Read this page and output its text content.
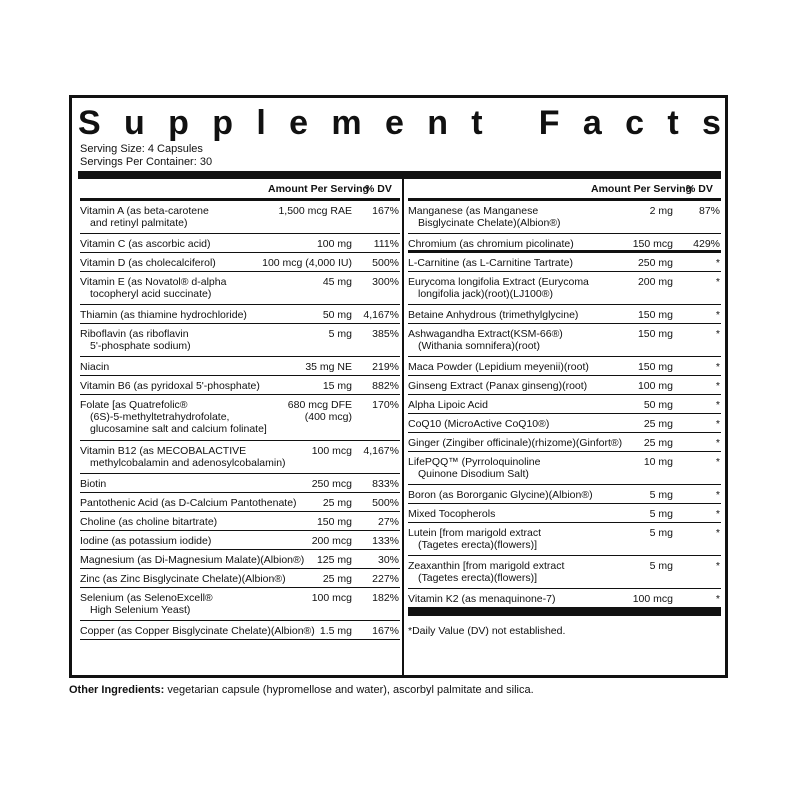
S u p p l e m e n t
F a c t s
Serving Size: 4 Capsules
Servings Per Container: 30
Amount Per Serving
% DV
Vitamin A (as beta-carotene
and retinyl palmitate)
1,500 mcg RAE	167%
Vitamin C (as ascorbic acid)	100 mg	111%
Vitamin D (as cholecalciferol)	100 mcg (4,000 IU)	500%
Vitamin E (as Novatol® d-alpha
tocopheryl acid succinate)
45 mg	300%
Thiamin (as thiamine hydrochloride)	50 mg	4,167%
Riboflavin (as riboflavin
5'-phosphate sodium)
5 mg	385%
Niacin	35 mg NE	219%
Vitamin B6 (as pyridoxal 5'-phosphate)	15 mg	882%
Folate [as Quatrefolic®
(6S)-5-methyltetrahydrofolate,
glucosamine salt and calcium folinate]
680 mcg DFE
(400 mcg)
170%
Vitamin B12 (as MECOBALACTIVE
methylcobalamin and adenosylcobalamin)
100 mcg	4,167%
Biotin	250 mcg	833%
Pantothenic Acid (as D-Calcium Pantothenate)	25 mg	500%
Choline (as choline bitartrate)	150 mg	27%
Iodine (as potassium iodide)	200 mcg	133%
Magnesium (as Di-Magnesium Malate)(Albion®)	125 mg	30%
Zinc (as Zinc Bisglycinate Chelate)(Albion®)	25 mg	227%
Selenium (as SelenoExcell®
High Selenium Yeast)
100 mcg	182%
Copper (as Copper Bisglycinate Chelate)(Albion®) 1.5 mg	167%
Amount Per Serving
% DV
Manganese (as Manganese
Bisglycinate Chelate)(Albion®)
2 mg	87%
Chromium (as chromium picolinate)	150 mcg	429%
L-Carnitine (as L-Carnitine Tartrate)	250 mg	*
Eurycoma longifolia Extract (Eurycoma
longifolia jack)(root)(LJ100®)
200 mg	*
Betaine Anhydrous (trimethylglycine)	150 mg	*
Ashwagandha Extract(KSM-66®)
(Withania somnifera)(root)
150 mg	*
Maca Powder (Lepidium meyenii)(root)	150 mg	*
Ginseng Extract (Panax ginseng)(root)	100 mg	*
Alpha Lipoic Acid	50 mg	*
CoQ10 (MicroActive CoQ10®)	25 mg	*
Ginger (Zingiber officinale)(rhizome)(Ginfort®)	25 mg	*
LifePQQ™ (Pyrroloquinoline
Quinone Disodium Salt)
10 mg	*
Boron (as Bororganic Glycine)(Albion®)	5 mg	*
Mixed Tocopherols	5 mg	*
Lutein [from marigold extract
(Tagetes erecta)(flowers)]
5 mg	*
Zeaxanthin [from marigold extract
(Tagetes erecta)(flowers)]
5 mg	*
Vitamin K2 (as menaquinone-7)	100 mcg	*
*Daily Value (DV) not established.
Other Ingredients: vegetarian capsule (hypromellose and water), ascorbyl palmitate and silica.
